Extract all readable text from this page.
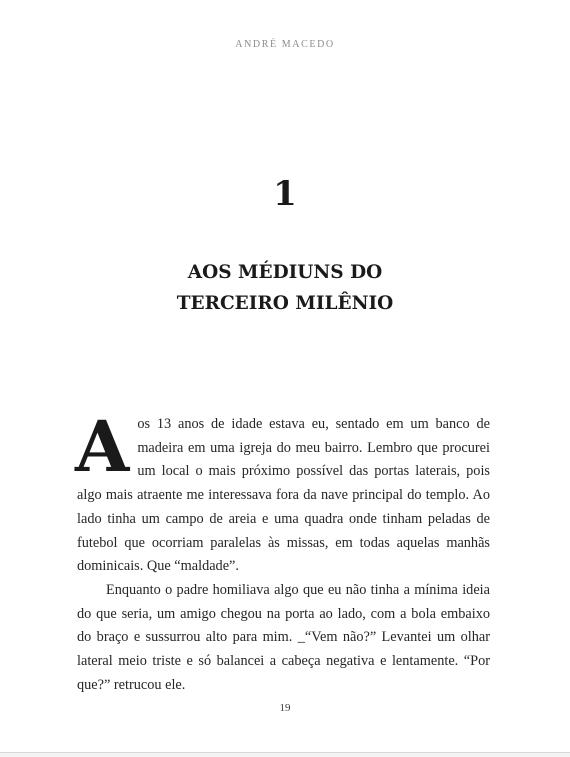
ANDRÉ MACEDO
1
AOS MÉDIUNS DO
TERCEIRO MILÊNIO

A os 13 anos de idade estava eu, sentado em um banco de madeira em uma igreja do meu bairro. Lembro que procurei um local o mais próximo possível das portas laterais, pois algo mais atraente me interessava fora da nave principal do templo. Ao lado tinha um campo de areia e uma quadra onde tinham peladas de futebol que ocorriam paralelas às missas, em todas aquelas manhãs dominicais. Que “maldade”.

Enquanto o padre homiliava algo que eu não tinha a mínima ideia do que seria, um amigo chegou na porta ao lado, com a bola embaixo do braço e sussurrou alto para mim. _“Vem não?” Levantei um olhar lateral meio triste e só balancei a cabeça negativa e lentamente. “Por que?” retrucou ele.

19
